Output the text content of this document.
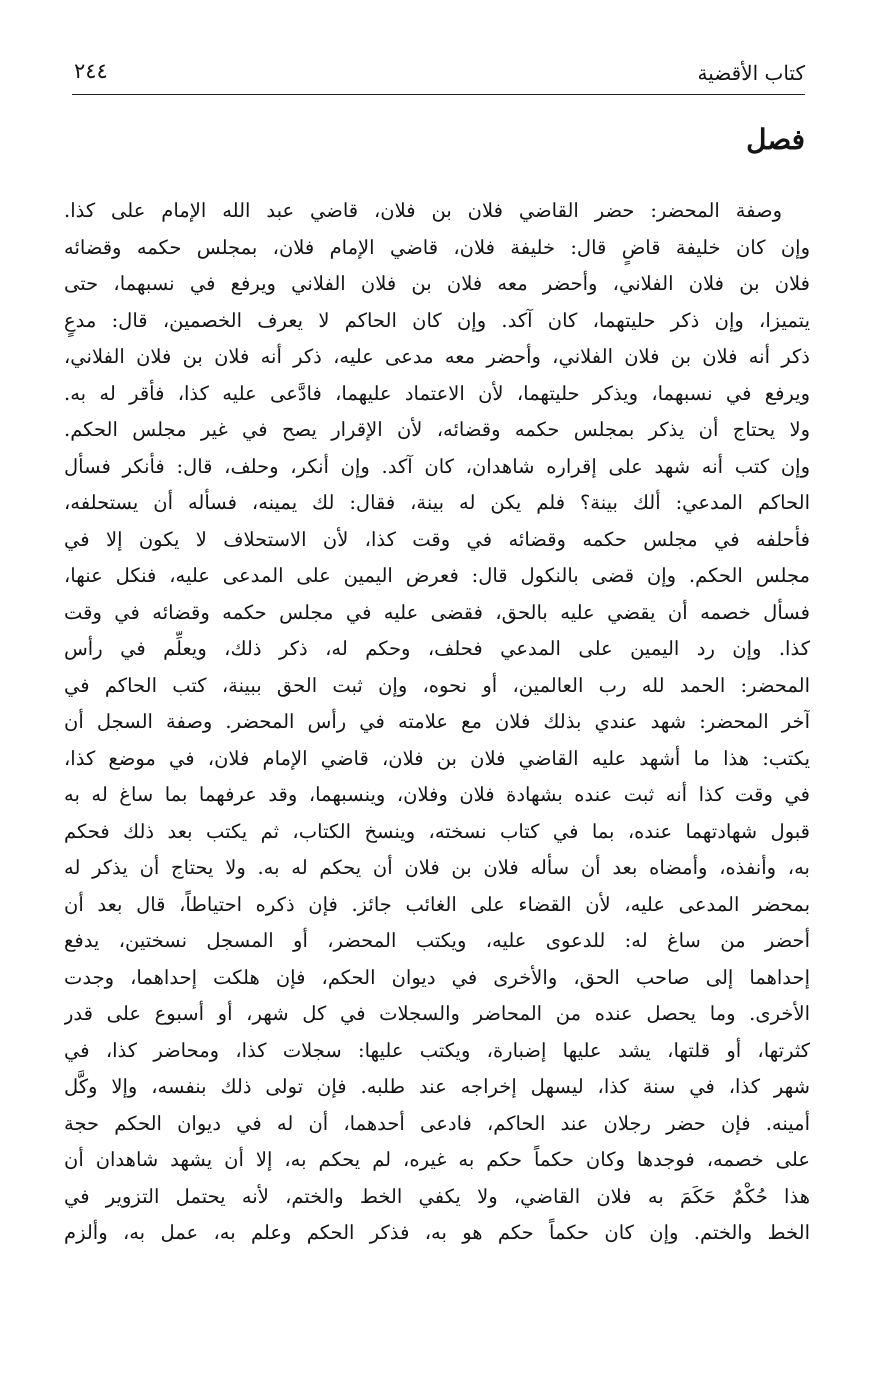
كتاب الأقضية
٢٤٤
فصل
وصفة المحضر: حضر القاضي فلان بن فلان، قاضي عبد الله الإمام على كذا.
وإن كان خليفة قاضٍ قال: خليفة فلان، قاضي الإمام فلان، بمجلس حكمه وقضائه
فلان بن فلان الفلاني، وأحضر معه فلان بن فلان الفلاني ويرفع في نسبهما، حتى
يتميزا، وإن ذكر حليتهما، كان آكد. وإن كان الحاكم لا يعرف الخصمين، قال: مدعٍ
ذكر أنه فلان بن فلان الفلاني، وأحضر معه مدعى عليه، ذكر أنه فلان بن فلان الفلاني،
ويرفع في نسبهما، ويذكر حليتهما، لأن الاعتماد عليهما، فادَّعى عليه كذا، فأقر له به.
ولا يحتاج أن يذكر بمجلس حكمه وقضائه، لأن الإقرار يصح في غير مجلس الحكم.
وإن كتب أنه شهد على إقراره شاهدان، كان آكد. وإن أنكر، وحلف، قال: فأنكر فسأل
الحاكم المدعي: ألك بينة؟ فلم يكن له بينة، فقال: لك يمينه، فسأله أن يستحلفه،
فأحلفه في مجلس حكمه وقضائه في وقت كذا، لأن الاستحلاف لا يكون إلا في
مجلس الحكم. وإن قضى بالنكول قال: فعرض اليمين على المدعى عليه، فنكل عنها،
فسأل خصمه أن يقضي عليه بالحق، فقضى عليه في مجلس حكمه وقضائه في وقت
كذا. وإن رد اليمين على المدعي فحلف، وحكم له، ذكر ذلك، ويعلِّم في رأس
المحضر: الحمد لله رب العالمين، أو نحوه، وإن ثبت الحق ببينة، كتب الحاكم في
آخر المحضر: شهد عندي بذلك فلان مع علامته في رأس المحضر. وصفة السجل أن
يكتب: هذا ما أشهد عليه القاضي فلان بن فلان، قاضي الإمام فلان، في موضع كذا،
في وقت كذا أنه ثبت عنده بشهادة فلان وفلان، وينسبهما، وقد عرفهما بما ساغ له به
قبول شهادتهما عنده، بما في كتاب نسخته، وينسخ الكتاب، ثم يكتب بعد ذلك فحكم
به، وأنفذه، وأمضاه بعد أن سأله فلان بن فلان أن يحكم له به. ولا يحتاج أن يذكر له
بمحضر المدعى عليه، لأن القضاء على الغائب جائز. فإن ذكره احتياطاً، قال بعد أن
أحضر من ساغ له: للدعوى عليه، ويكتب المحضر، أو المسجل نسختين، يدفع
إحداهما إلى صاحب الحق، والأخرى في ديوان الحكم، فإن هلكت إحداهما، وجدت
الأخرى. وما يحصل عنده من المحاضر والسجلات في كل شهر، أو أسبوع على قدر
كثرتها، أو قلتها، يشد عليها إضبارة، ويكتب عليها: سجلات كذا، ومحاضر كذا، في
شهر كذا، في سنة كذا، ليسهل إخراجه عند طلبه. فإن تولى ذلك بنفسه، وإلا وكَّل
أمينه. فإن حضر رجلان عند الحاكم، فادعى أحدهما، أن له في ديوان الحكم حجة
على خصمه، فوجدها وكان حكماً حكم به غيره، لم يحكم به، إلا أن يشهد شاهدان أن
هذا حُكْمٌ حَكَمَ به فلان القاضي، ولا يكفي الخط والختم، لأنه يحتمل التزوير في
الخط والختم. وإن كان حكماً حكم هو به، فذكر الحكم وعلم به، عمل به، وألزم
